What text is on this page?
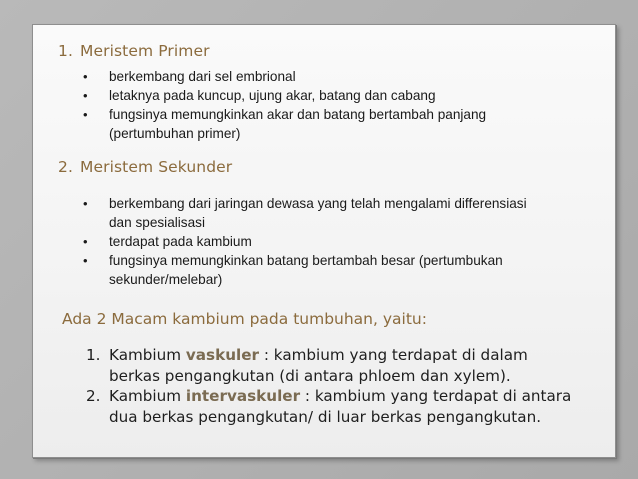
1. Meristem Primer
• berkembang dari sel embrional
• letaknya pada kuncup, ujung akar, batang dan cabang
• fungsinya memungkinkan akar dan batang bertambah panjang (pertumbuhan primer)
2. Meristem Sekunder
• berkembang dari jaringan dewasa yang telah mengalami differensiasi dan spesialisasi
• terdapat pada kambium
• fungsinya memungkinkan batang bertambah besar (pertumbukan sekunder/melebar)
Ada 2 Macam kambium pada tumbuhan, yaitu:
1. Kambium vaskuler : kambium yang terdapat di dalam berkas pengangkutan (di antara phloem dan xylem).
2. Kambium intervaskuler : kambium yang terdapat di antara dua berkas pengangkutan/ di luar berkas pengangkutan.
